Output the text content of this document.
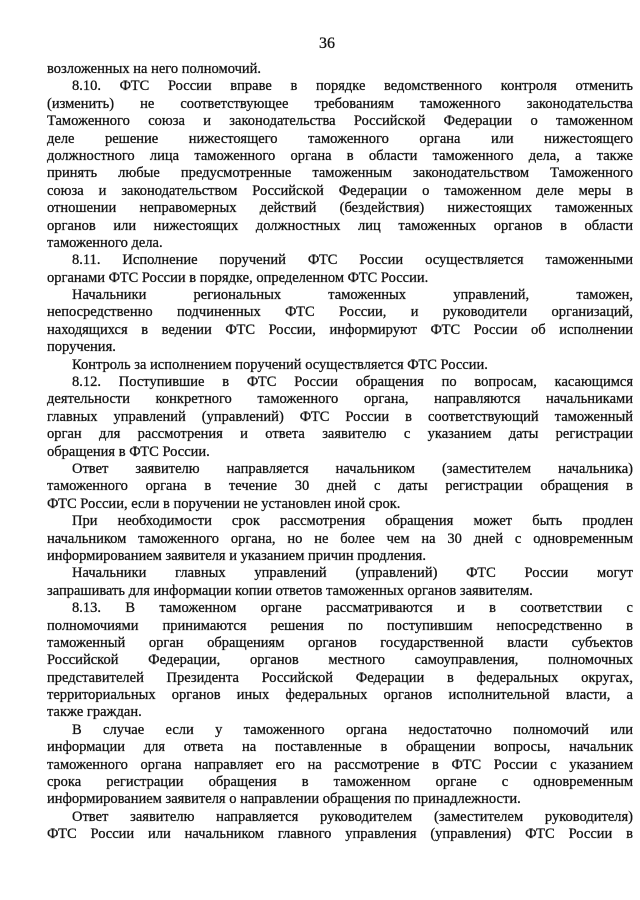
36
возложенных на него полномочий.
8.10. ФТС России вправе в порядке ведомственного контроля отменить
(изменить) не соответствующее требованиям таможенного законодательства
Таможенного союза и законодательства Российской Федерации о таможенном
деле решение нижестоящего таможенного органа или нижестоящего
должностного лица таможенного органа в области таможенного дела, а также
принять любые предусмотренные таможенным законодательством Таможенного
союза и законодательством Российской Федерации о таможенном деле меры в
отношении неправомерных действий (бездействия) нижестоящих таможенных
органов или нижестоящих должностных лиц таможенных органов в области
таможенного дела.
8.11. Исполнение поручений ФТС России осуществляется таможенными
органами ФТС России в порядке, определенном ФТС России.
Начальники региональных таможенных управлений, таможен,
непосредственно подчиненных ФТС России, и руководители организаций,
находящихся в ведении ФТС России, информируют ФТС России об исполнении
поручения.
Контроль за исполнением поручений осуществляется ФТС России.
8.12. Поступившие в ФТС России обращения по вопросам, касающимся
деятельности конкретного таможенного органа, направляются начальниками
главных управлений (управлений) ФТС России в соответствующий таможенный
орган для рассмотрения и ответа заявителю с указанием даты регистрации
обращения в ФТС России.
Ответ заявителю направляется начальником (заместителем начальника)
таможенного органа в течение 30 дней с даты регистрации обращения в
ФТС России, если в поручении не установлен иной срок.
При необходимости срок рассмотрения обращения может быть продлен
начальником таможенного органа, но не более чем на 30 дней с одновременным
информированием заявителя и указанием причин продления.
Начальники главных управлений (управлений) ФТС России могут
запрашивать для информации копии ответов таможенных органов заявителям.
8.13. В таможенном органе рассматриваются и в соответствии с
полномочиями принимаются решения по поступившим непосредственно в
таможенный орган обращениям органов государственной власти субъектов
Российской Федерации, органов местного самоуправления, полномочных
представителей Президента Российской Федерации в федеральных округах,
территориальных органов иных федеральных органов исполнительной власти, а
также граждан.
В случае если у таможенного органа недостаточно полномочий или
информации для ответа на поставленные в обращении вопросы, начальник
таможенного органа направляет его на рассмотрение в ФТС России с указанием
срока регистрации обращения в таможенном органе с одновременным
информированием заявителя о направлении обращения по принадлежности.
Ответ заявителю направляется руководителем (заместителем руководителя)
ФТС России или начальником главного управления (управления) ФТС России в
